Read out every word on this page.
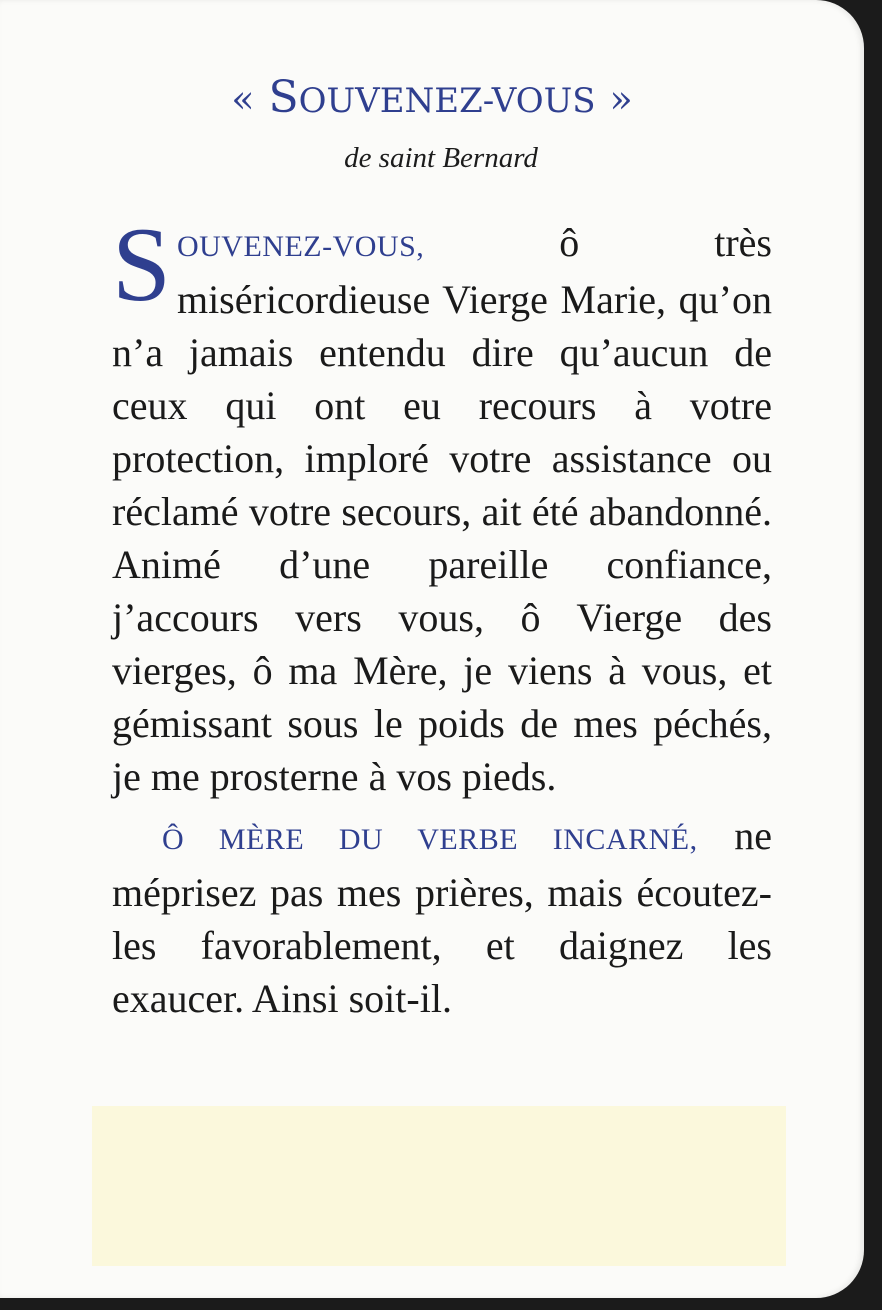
« SOUVENEZ-VOUS »
de saint Bernard

SOUVENEZ-VOUS, ô très miséricordieuse Vierge Marie, qu’on n’a jamais entendu dire qu’aucun de ceux qui ont eu recours à votre protection, imploré votre assistance ou réclamé votre secours, ait été abandonné. Animé d’une pareille confiance, j’accours vers vous, ô Vierge des vierges, ô ma Mère, je viens à vous, et gémissant sous le poids de mes péchés, je me prosterne à vos pieds.

Ô MÈRE DU VERBE INCARNÉ, ne méprisez pas mes prières, mais écoutez-les favorablement, et daignez les exaucer. Ainsi soit-il.
